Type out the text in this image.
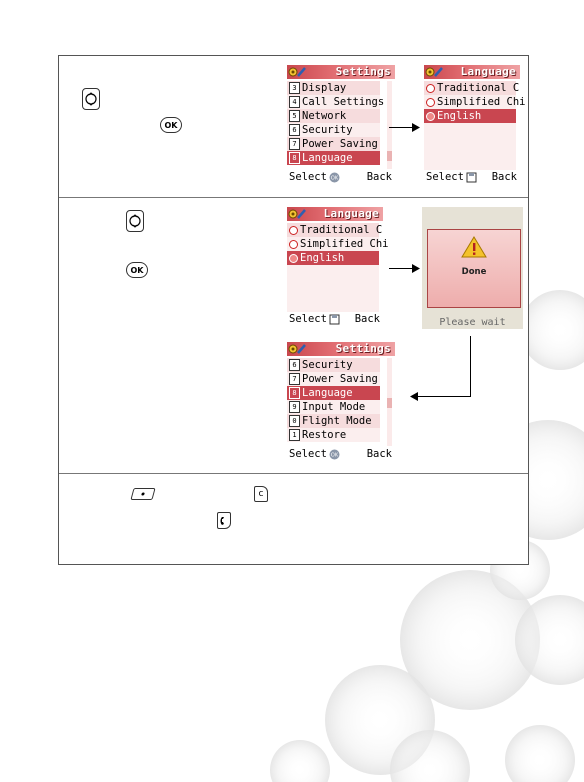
OK
OK
c
Settings
3 Display
4 Call Settings
5 Network
6 Security
7 Power Saving
8 Language
Select OK	Back
Language
Traditional C
Simplified Chi
English
Select	Back
Language
Traditional C
Simplified Chi
English
Select	Back
Done
Please wait
Settings
6 Security
7 Power Saving
8 Language
9 Input Mode
0 Flight Mode
1 Restore
Select OK	Back
